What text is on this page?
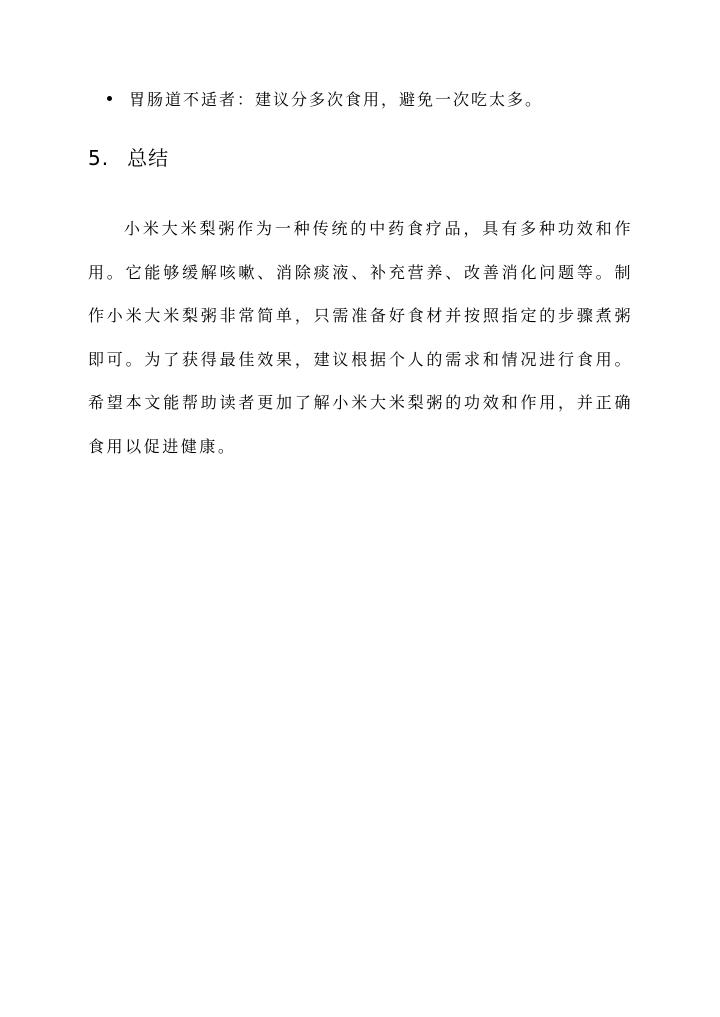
胃肠道不适者：建议分多次食用，避免一次吃太多。
5. 总结

小米大米梨粥作为一种传统的中药食疗品，具有多种功效和作用。它能够缓解咳嗽、消除痰液、补充营养、改善消化问题等。制作小米大米梨粥非常简单，只需准备好食材并按照指定的步骤煮粥即可。为了获得最佳效果，建议根据个人的需求和情况进行食用。希望本文能帮助读者更加了解小米大米梨粥的功效和作用，并正确食用以促进健康。
